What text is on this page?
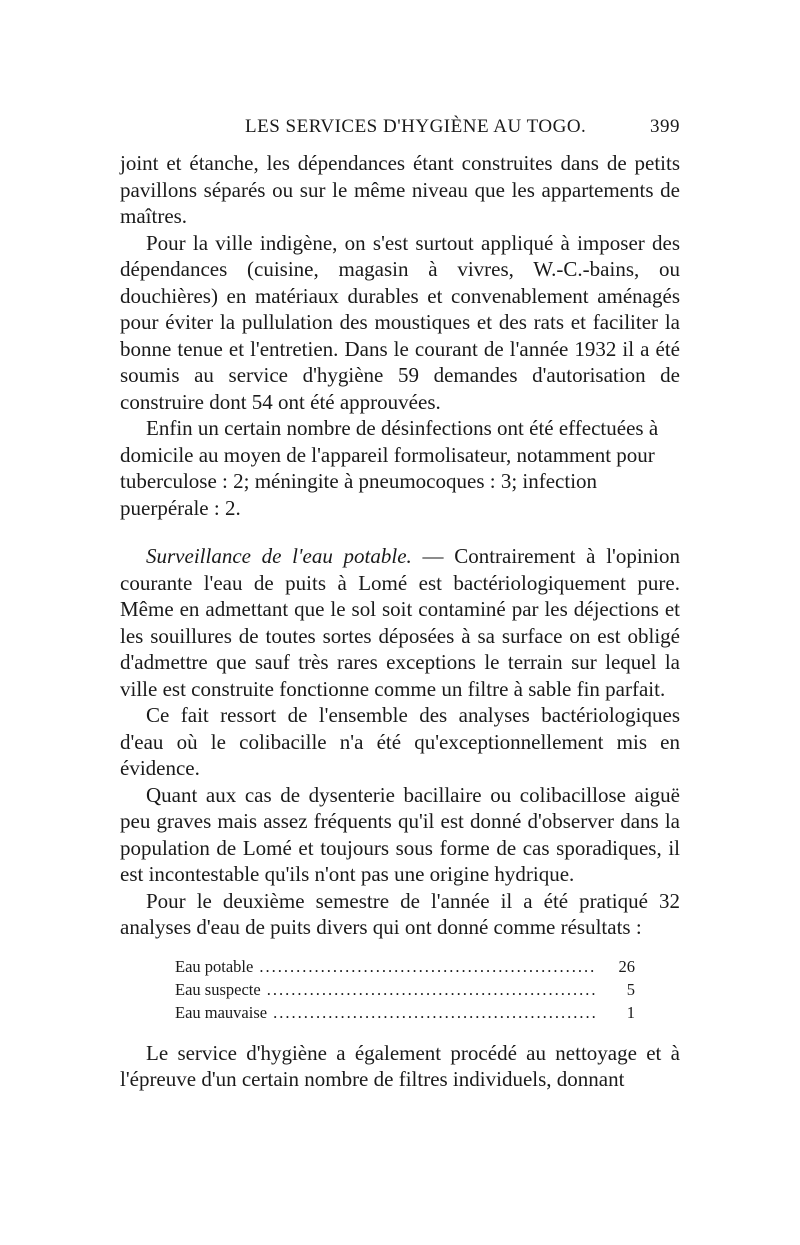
LES SERVICES D'HYGIÈNE AU TOGO.	399

joint et étanche, les dépendances étant construites dans de petits pavillons séparés ou sur le même niveau que les appartements de maîtres.

Pour la ville indigène, on s'est surtout appliqué à imposer des dépendances (cuisine, magasin à vivres, W.-C.-bains, ou douchières) en matériaux durables et convenablement aménagés pour éviter la pullulation des moustiques et des rats et faciliter la bonne tenue et l'entretien. Dans le courant de l'année 1932 il a été soumis au service d'hygiène 59 demandes d'autorisation de construire dont 54 ont été approuvées.

Enfin un certain nombre de désinfections ont été effectuées à domicile au moyen de l'appareil formolisateur, notamment pour tuberculose : 2; méningite à pneumocoques : 3; infection puerpérale : 2.

Surveillance de l'eau potable. — Contrairement à l'opinion courante l'eau de puits à Lomé est bactériologiquement pure. Même en admettant que le sol soit contaminé par les déjections et les souillures de toutes sortes déposées à sa surface on est obligé d'admettre que sauf très rares exceptions le terrain sur lequel la ville est construite fonctionne comme un filtre à sable fin parfait.

Ce fait ressort de l'ensemble des analyses bactériologiques d'eau où le colibacille n'a été qu'exceptionnellement mis en évidence.

Quant aux cas de dysenterie bacillaire ou colibacillose aiguë peu graves mais assez fréquents qu'il est donné d'observer dans la population de Lomé et toujours sous forme de cas sporadiques, il est incontestable qu'ils n'ont pas une origine hydrique.

Pour le deuxième semestre de l'année il a été pratiqué 32 analyses d'eau de puits divers qui ont donné comme résultats :

Eau potable .....	26
Eau suspecte .....	5
Eau mauvaise .....	1

Le service d'hygiène a également procédé au nettoyage et à l'épreuve d'un certain nombre de filtres individuels, donnant
